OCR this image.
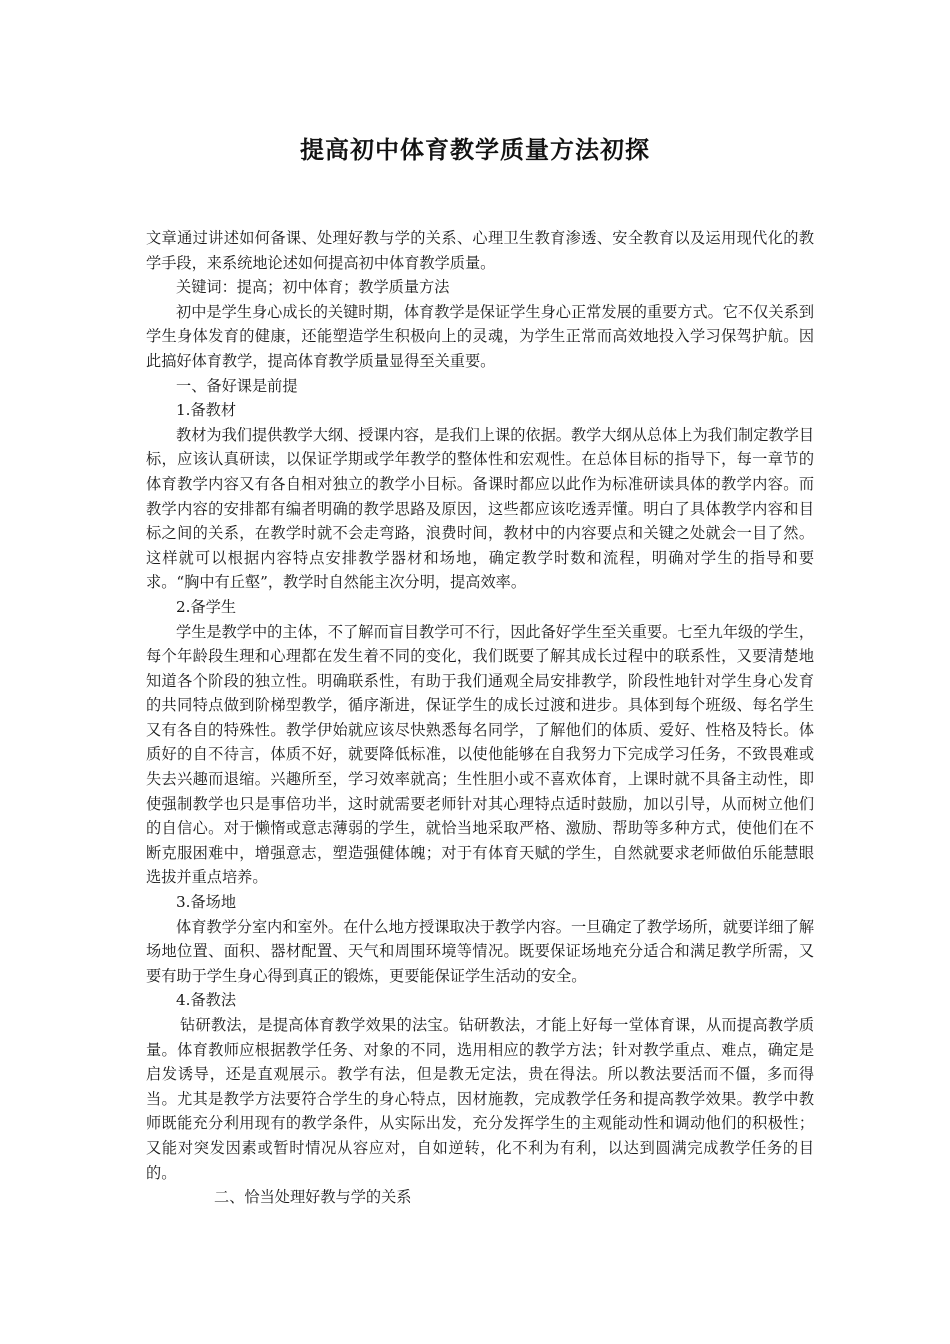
提高初中体育教学质量方法初探

文章通过讲述如何备课、处理好教与学的关系、心理卫生教育渗透、安全教育以及运用现代化的教学手段，来系统地论述如何提高初中体育教学质量。

关键词：提高；初中体育；教学质量方法

初中是学生身心成长的关键时期，体育教学是保证学生身心正常发展的重要方式。它不仅关系到学生身体发育的健康，还能塑造学生积极向上的灵魂，为学生正常而高效地投入学习保驾护航。因此搞好体育教学，提高体育教学质量显得至关重要。

一、备好课是前提

1.备教材

教材为我们提供教学大纲、授课内容，是我们上课的依据。教学大纲从总体上为我们制定教学目标，应该认真研读，以保证学期或学年教学的整体性和宏观性。在总体目标的指导下，每一章节的体育教学内容又有各自相对独立的教学小目标。备课时都应以此作为标准研读具体的教学内容。而教学内容的安排都有编者明确的教学思路及原因，这些都应该吃透弄懂。明白了具体教学内容和目标之间的关系，在教学时就不会走弯路，浪费时间，教材中的内容要点和关键之处就会一目了然。这样就可以根据内容特点安排教学器材和场地，确定教学时数和流程，明确对学生的指导和要求。“胸中有丘壑”，教学时自然能主次分明，提高效率。

2.备学生

学生是教学中的主体，不了解而盲目教学可不行，因此备好学生至关重要。七至九年级的学生，每个年龄段生理和心理都在发生着不同的变化，我们既要了解其成长过程中的联系性，又要清楚地知道各个阶段的独立性。明确联系性，有助于我们通观全局安排教学，阶段性地针对学生身心发育的共同特点做到阶梯型教学，循序渐进，保证学生的成长过渡和进步。具体到每个班级、每名学生又有各自的特殊性。教学伊始就应该尽快熟悉每名同学，了解他们的体质、爱好、性格及特长。体质好的自不待言，体质不好，就要降低标准，以使他能够在自我努力下完成学习任务，不致畏难或失去兴趣而退缩。兴趣所至，学习效率就高；生性胆小或不喜欢体育，上课时就不具备主动性，即使强制教学也只是事倍功半，这时就需要老师针对其心理特点适时鼓励，加以引导，从而树立他们的自信心。对于懒惰或意志薄弱的学生，就恰当地采取严格、激励、帮助等多种方式，使他们在不断克服困难中，增强意志，塑造强健体魄；对于有体育天赋的学生，自然就要求老师做伯乐能慧眼选拔并重点培养。

3.备场地

体育教学分室内和室外。在什么地方授课取决于教学内容。一旦确定了教学场所，就要详细了解场地位置、面积、器材配置、天气和周围环境等情况。既要保证场地充分适合和满足教学所需，又要有助于学生身心得到真正的锻炼，更要能保证学生活动的安全。

4.备教法

钻研教法，是提高体育教学效果的法宝。钻研教法，才能上好每一堂体育课，从而提高教学质量。体育教师应根据教学任务、对象的不同，选用相应的教学方法；针对教学重点、难点，确定是启发诱导，还是直观展示。教学有法，但是教无定法，贵在得法。所以教法要活而不僵，多而得当。尤其是教学方法要符合学生的身心特点，因材施教，完成教学任务和提高教学效果。教学中教师既能充分利用现有的教学条件，从实际出发，充分发挥学生的主观能动性和调动他们的积极性；又能对突发因素或暂时情况从容应对，自如逆转，化不利为有利，以达到圆满完成教学任务的目的。

二、恰当处理好教与学的关系
